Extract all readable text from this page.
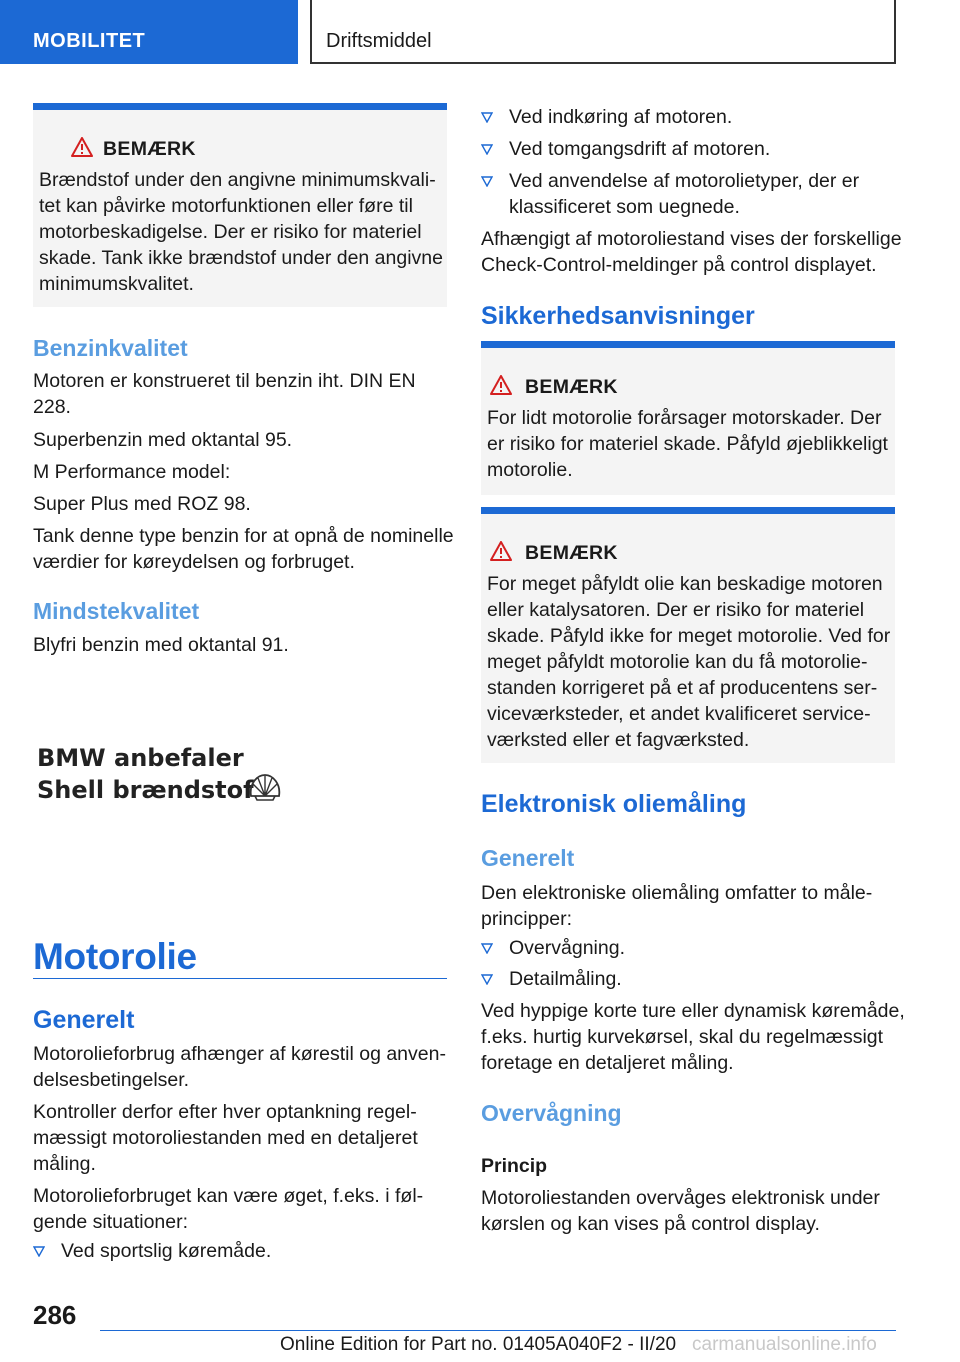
MOBILITET	Driftsmiddel
BEMÆRK
Brændstof under den angivne minimumskvali-
tet kan påvirke motorfunktionen eller føre til
motorbeskadigelse. Der er risiko for materiel
skade. Tank ikke brændstof under den angivne
minimumskvalitet.
Benzinkvalitet
Motoren er konstrueret til benzin iht. DIN EN
228.
Superbenzin med oktantal 95.
M Performance model:
Super Plus med ROZ 98.
Tank denne type benzin for at opnå de nominelle
værdier for køreydelsen og forbruget.
Mindstekvalitet
Blyfri benzin med oktantal 91.
BMW anbefaler
Shell brændstof
Motorolie
Generelt
Motorolieforbrug afhænger af kørestil og anven-
delsesbetingelser.
Kontroller derfor efter hver optankning regel-
mæssigt motoroliestanden med en detaljeret
måling.
Motorolieforbruget kan være øget, f.eks. i føl-
gende situationer:
Ved sportslig køremåde.
Ved indkøring af motoren.
Ved tomgangsdrift af motoren.
Ved anvendelse af motorolietyper, der er
klassificeret som uegnede.
Afhængigt af motoroliestand vises der forskellige
Check-Control-meldinger på control displayet.
Sikkerhedsanvisninger
BEMÆRK
For lidt motorolie forårsager motorskader. Der
er risiko for materiel skade. Påfyld øjeblikkeligt
motorolie.
BEMÆRK
For meget påfyldt olie kan beskadige motoren
eller katalysatoren. Der er risiko for materiel
skade. Påfyld ikke for meget motorolie. Ved for
meget påfyldt motorolie kan du få motorolie-
standen korrigeret på et af producentens ser-
viceværksteder, et andet kvalificeret service-
værksted eller et fagværksted.
Elektronisk oliemåling
Generelt
Den elektroniske oliemåling omfatter to måle-
principper:
Overvågning.
Detailmåling.
Ved hyppige korte ture eller dynamisk køremåde,
f.eks. hurtig kurvekørsel, skal du regelmæssigt
foretage en detaljeret måling.
Overvågning
Princip
Motoroliestanden overvåges elektronisk under
kørslen og kan vises på control display.
286
Online Edition for Part no. 01405A040F2 - II/20 carmanualsonline.info
